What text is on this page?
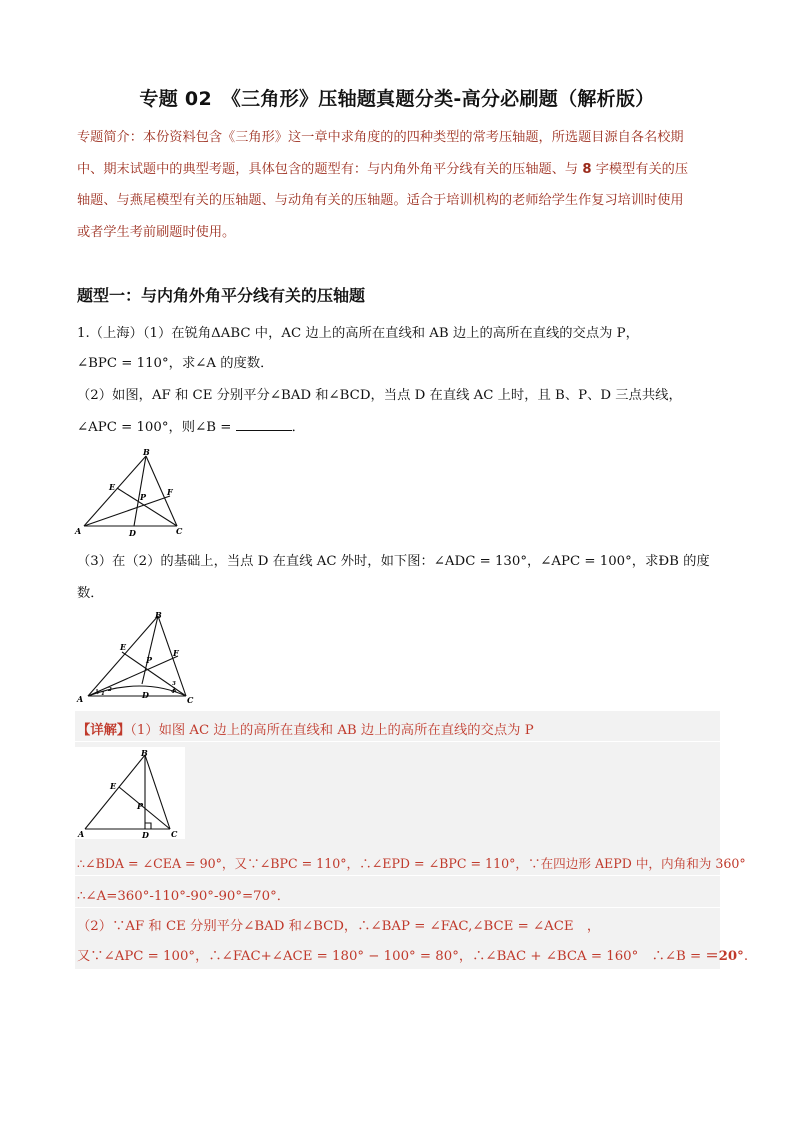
专题 02　《三角形》压轴题真题分类-高分必刷题（解析版）
专题简介：本份资料包含《三角形》这一章中求角度的的四种类型的常考压轴题，所选题目源自各名校期
中、期末试题中的典型考题，具体包含的题型有：与内角外角平分线有关的压轴题、与 8 字模型有关的压
轴题、与燕尾模型有关的压轴题、与动角有关的压轴题。适合于培训机构的老师给学生作复习培训时使用
或者学生考前刷题时使用。
题型一：与内角外角平分线有关的压轴题
1.（上海）（1）在锐角ΔABC 中，AC 边上的高所在直线和 AB 边上的高所在直线的交点为 P，
∠BPC = 110°，求∠A 的度数．
（2）如图，AF 和 CE 分别平分∠BAD 和∠BCD，当点 D 在直线 AC 上时，且 B、P、D 三点共线，
∠APC = 100°，则∠B =	．
B
E
P	F
A	D	C
（3）在（2）的基础上，当点 D 在直线 AC 外时，如下图：∠ADC = 130°，∠APC = 100°，求ÐB 的度
数．
B
E
P
F
A	D	C
1
2
3
4
【详解】（1）如图 AC 边上的高所在直线和 AB 边上的高所在直线的交点为 P
B
E
P
A	D	C
∴∠BDA = ∠CEA = 90°，又∵∠BPC = 110°，∴∠EPD = ∠BPC = 110°，∵在四边形 AEPD 中，内角和为 360°
∴∠A=360°-110°-90°-90°=70°．
（2）∵AF 和 CE 分别平分∠BAD 和∠BCD，∴∠BAP = ∠FAC,∠BCE = ∠ACE　，
又∵∠APC = 100°，∴∠FAC+∠ACE = 180° − 100° = 80°，∴∠BAC + ∠BCA = 160°　∴∠B = ＝20°.
